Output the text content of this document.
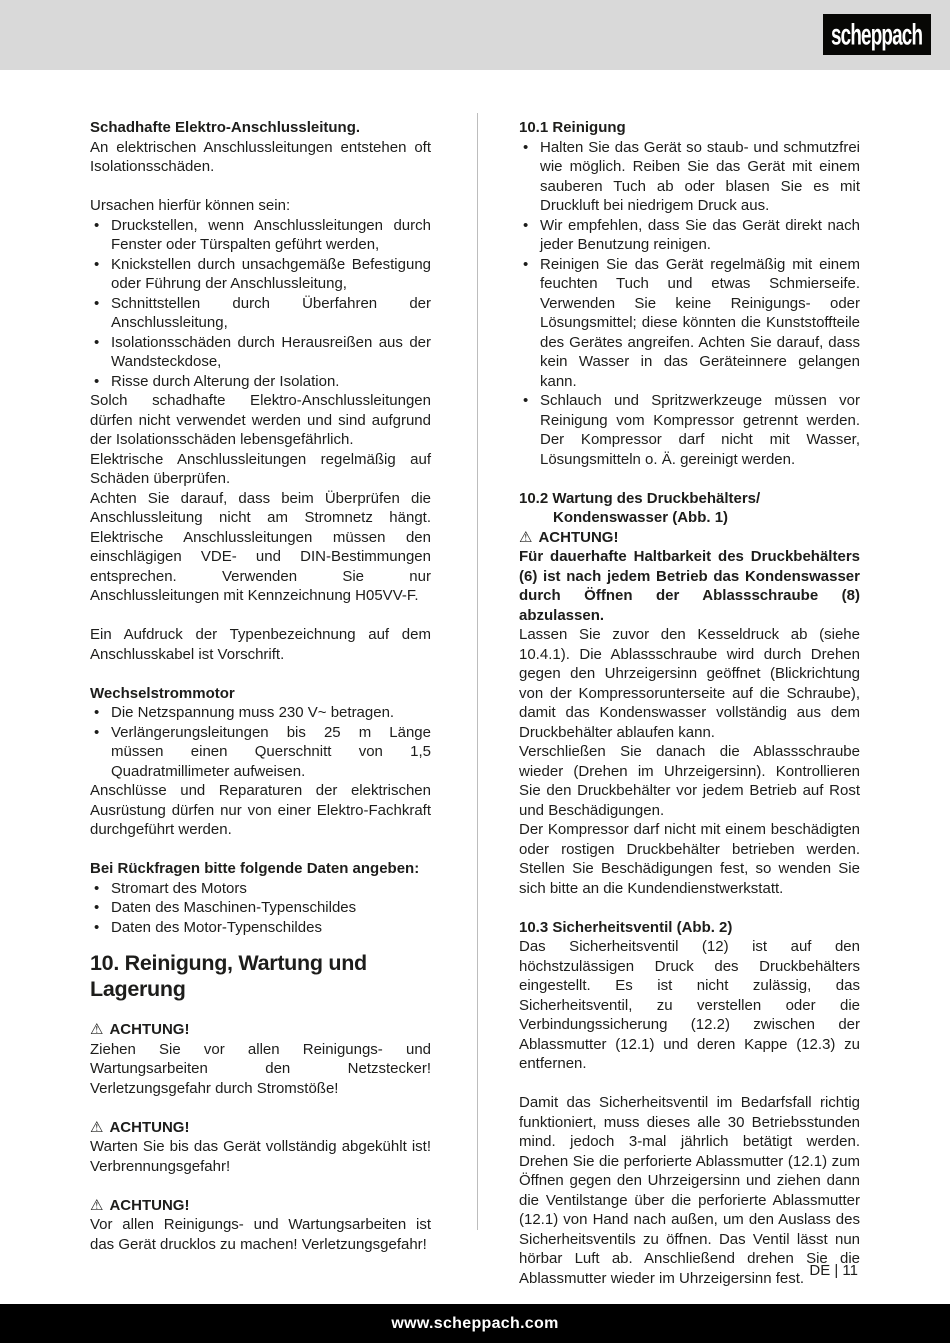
scheppach
Schadhafte Elektro-Anschlussleitung.
An elektrischen Anschlussleitungen entstehen oft Isolationsschäden.
Ursachen hierfür können sein:
• Druckstellen, wenn Anschlussleitungen durch Fenster oder Türspalten geführt werden,
• Knickstellen durch unsachgemäße Befestigung oder Führung der Anschlussleitung,
• Schnittstellen durch Überfahren der Anschlussleitung,
• Isolationsschäden durch Herausreißen aus der Wandsteckdose,
• Risse durch Alterung der Isolation.
Solch schadhafte Elektro-Anschlussleitungen dürfen nicht verwendet werden und sind aufgrund der Isolationsschäden lebensgefährlich.
Elektrische Anschlussleitungen regelmäßig auf Schäden überprüfen.
Achten Sie darauf, dass beim Überprüfen die Anschlussleitung nicht am Stromnetz hängt. Elektrische Anschlussleitungen müssen den einschlägigen VDE- und DIN-Bestimmungen entsprechen. Verwenden Sie nur Anschlussleitungen mit Kennzeichnung H05VV-F.
Ein Aufdruck der Typenbezeichnung auf dem Anschlusskabel ist Vorschrift.
Wechselstrommotor
• Die Netzspannung muss 230 V~ betragen.
• Verlängerungsleitungen bis 25 m Länge müssen einen Querschnitt von 1,5 Quadratmillimeter aufweisen.
Anschlüsse und Reparaturen der elektrischen Ausrüstung dürfen nur von einer Elektro-Fachkraft durchgeführt werden.
Bei Rückfragen bitte folgende Daten angeben:
• Stromart des Motors
• Daten des Maschinen-Typenschildes
• Daten des Motor-Typenschildes
10. Reinigung, Wartung und Lagerung
⚠ ACHTUNG!
Ziehen Sie vor allen Reinigungs- und Wartungsarbeiten den Netzstecker! Verletzungsgefahr durch Stromstöße!
⚠ ACHTUNG!
Warten Sie bis das Gerät vollständig abgekühlt ist! Verbrennungsgefahr!
⚠ ACHTUNG!
Vor allen Reinigungs- und Wartungsarbeiten ist das Gerät drucklos zu machen! Verletzungsgefahr!
10.1 Reinigung
• Halten Sie das Gerät so staub- und schmutzfrei wie möglich. Reiben Sie das Gerät mit einem sauberen Tuch ab oder blasen Sie es mit Druckluft bei niedrigem Druck aus.
• Wir empfehlen, dass Sie das Gerät direkt nach jeder Benutzung reinigen.
• Reinigen Sie das Gerät regelmäßig mit einem feuchten Tuch und etwas Schmierseife. Verwenden Sie keine Reinigungs- oder Lösungsmittel; diese könnten die Kunststoffteile des Gerätes angreifen. Achten Sie darauf, dass kein Wasser in das Geräteinnere gelangen kann.
• Schlauch und Spritzwerkzeuge müssen vor Reinigung vom Kompressor getrennt werden. Der Kompressor darf nicht mit Wasser, Lösungsmitteln o. Ä. gereinigt werden.
10.2 Wartung des Druckbehälters/
Kondenswasser (Abb. 1)
⚠ ACHTUNG!
Für dauerhafte Haltbarkeit des Druckbehälters (6) ist nach jedem Betrieb das Kondenswasser durch Öffnen der Ablassschraube (8) abzulassen.
Lassen Sie zuvor den Kesseldruck ab (siehe 10.4.1). Die Ablassschraube wird durch Drehen gegen den Uhrzeigersinn geöffnet (Blickrichtung von der Kompressorunterseite auf die Schraube), damit das Kondenswasser vollständig aus dem Druckbehälter ablaufen kann.
Verschließen Sie danach die Ablassschraube wieder (Drehen im Uhrzeigersinn). Kontrollieren Sie den Druckbehälter vor jedem Betrieb auf Rost und Beschädigungen.
Der Kompressor darf nicht mit einem beschädigten oder rostigen Druckbehälter betrieben werden. Stellen Sie Beschädigungen fest, so wenden Sie sich bitte an die Kundendienstwerkstatt.
10.3 Sicherheitsventil (Abb. 2)
Das Sicherheitsventil (12) ist auf den höchstzulässigen Druck des Druckbehälters eingestellt. Es ist nicht zulässig, das Sicherheitsventil, zu verstellen oder die Verbindungssicherung (12.2) zwischen der Ablassmutter (12.1) und deren Kappe (12.3) zu entfernen.
Damit das Sicherheitsventil im Bedarfsfall richtig funktioniert, muss dieses alle 30 Betriebsstunden mind. jedoch 3-mal jährlich betätigt werden. Drehen Sie die perforierte Ablassmutter (12.1) zum Öffnen gegen den Uhrzeigersinn und ziehen dann die Ventilstange über die perforierte Ablassmutter (12.1) von Hand nach außen, um den Auslass des Sicherheitsventils zu öffnen. Das Ventil lässt nun hörbar Luft ab. Anschließend drehen Sie die Ablassmutter wieder im Uhrzeigersinn fest. DE | 11
www.scheppach.com
